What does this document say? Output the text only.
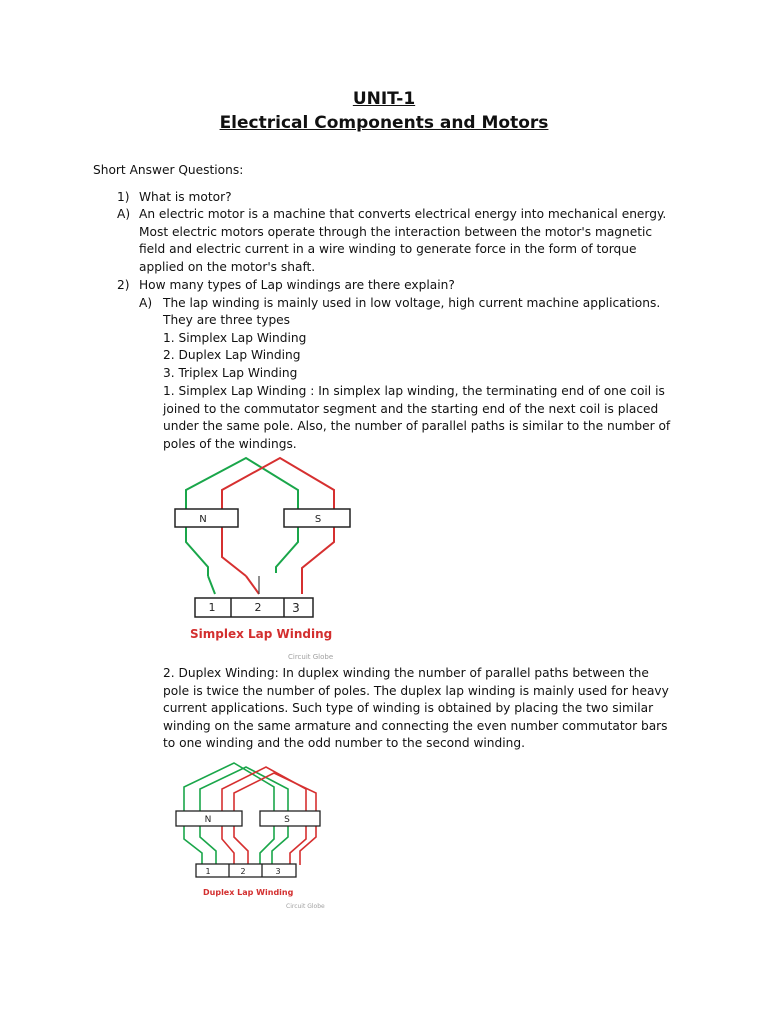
UNIT-1
Electrical Components and Motors
Short Answer Questions:
1) What is motor?
A) An electric motor is a machine that converts electrical energy into mechanical energy. Most electric motors operate through the interaction between the motor's magnetic field and electric current in a wire winding to generate force in the form of torque applied on the motor's shaft.
2) How many types of Lap windings are there explain?
A) The lap winding is mainly used in low voltage, high current machine applications.
They are three types
1. Simplex Lap Winding
2. Duplex Lap Winding
3. Triplex Lap Winding
1. Simplex Lap Winding : In simplex lap winding, the terminating end of one coil is joined to the commutator segment and the starting end of the next coil is placed under the same pole. Also, the number of parallel paths is similar to the number of poles of the windings.
N	S
1	2	3
Simplex Lap Winding
Circuit Globe
2. Duplex Winding: In duplex winding the number of parallel paths between the pole is twice the number of poles. The duplex lap winding is mainly used for heavy current applications. Such type of winding is obtained by placing the two similar winding on the same armature and connecting the even number commutator bars to one winding and the odd number to the second winding.
N	S
1	2	3
Duplex Lap Winding
Circuit Globe
